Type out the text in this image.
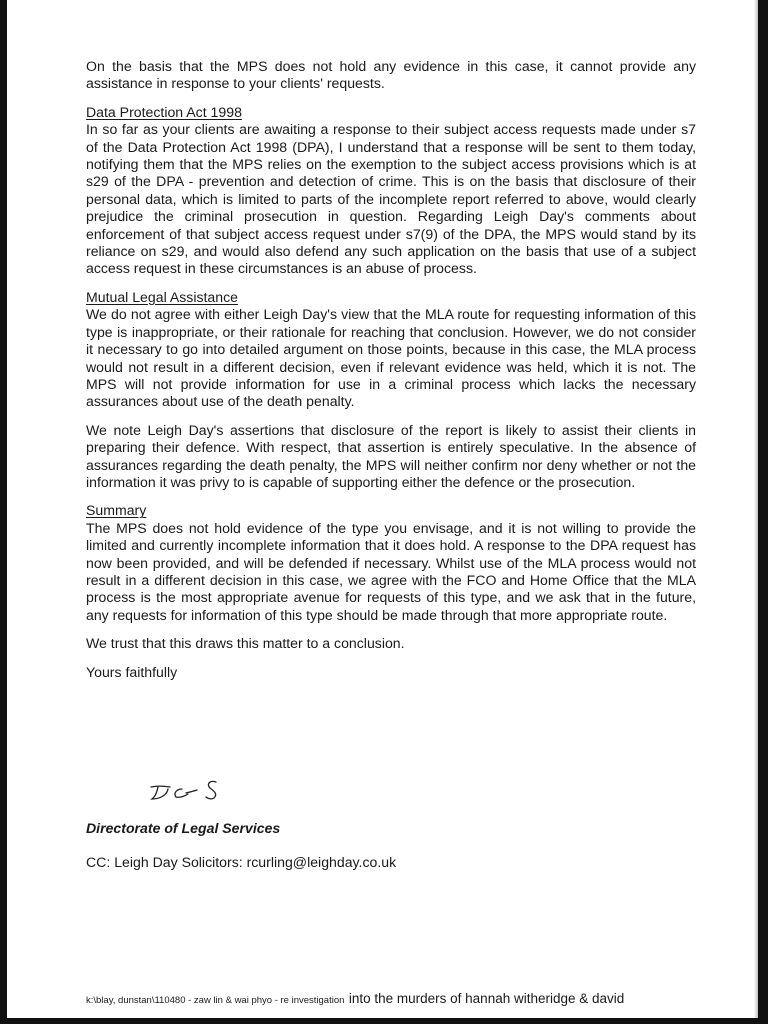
On the basis that the MPS does not hold any evidence in this case, it cannot provide any assistance in response to your clients' requests.

Data Protection Act 1998

In so far as your clients are awaiting a response to their subject access requests made under s7 of the Data Protection Act 1998 (DPA), I understand that a response will be sent to them today, notifying them that the MPS relies on the exemption to the subject access provisions which is at s29 of the DPA - prevention and detection of crime. This is on the basis that disclosure of their personal data, which is limited to parts of the incomplete report referred to above, would clearly prejudice the criminal prosecution in question. Regarding Leigh Day's comments about enforcement of that subject access request under s7(9) of the DPA, the MPS would stand by its reliance on s29, and would also defend any such application on the basis that use of a subject access request in these circumstances is an abuse of process.

Mutual Legal Assistance

We do not agree with either Leigh Day's view that the MLA route for requesting information of this type is inappropriate, or their rationale for reaching that conclusion. However, we do not consider it necessary to go into detailed argument on those points, because in this case, the MLA process would not result in a different decision, even if relevant evidence was held, which it is not. The MPS will not provide information for use in a criminal process which lacks the necessary assurances about use of the death penalty.

We note Leigh Day's assertions that disclosure of the report is likely to assist their clients in preparing their defence. With respect, that assertion is entirely speculative. In the absence of assurances regarding the death penalty, the MPS will neither confirm nor deny whether or not the information it was privy to is capable of supporting either the defence or the prosecution.

Summary

The MPS does not hold evidence of the type you envisage, and it is not willing to provide the limited and currently incomplete information that it does hold. A response to the DPA request has now been provided, and will be defended if necessary. Whilst use of the MLA process would not result in a different decision in this case, we agree with the FCO and Home Office that the MLA process is the most appropriate avenue for requests of this type, and we ask that in the future, any requests for information of this type should be made through that more appropriate route.

We trust that this draws this matter to a conclusion.

Yours faithfully

Directorate of Legal Services
CC: Leigh Day Solicitors: rcurling@leighday.co.uk
k:\blay, dunstan\110480 - zaw lin & wai phyo - re investigation into the murders of hannah witheridge & david
